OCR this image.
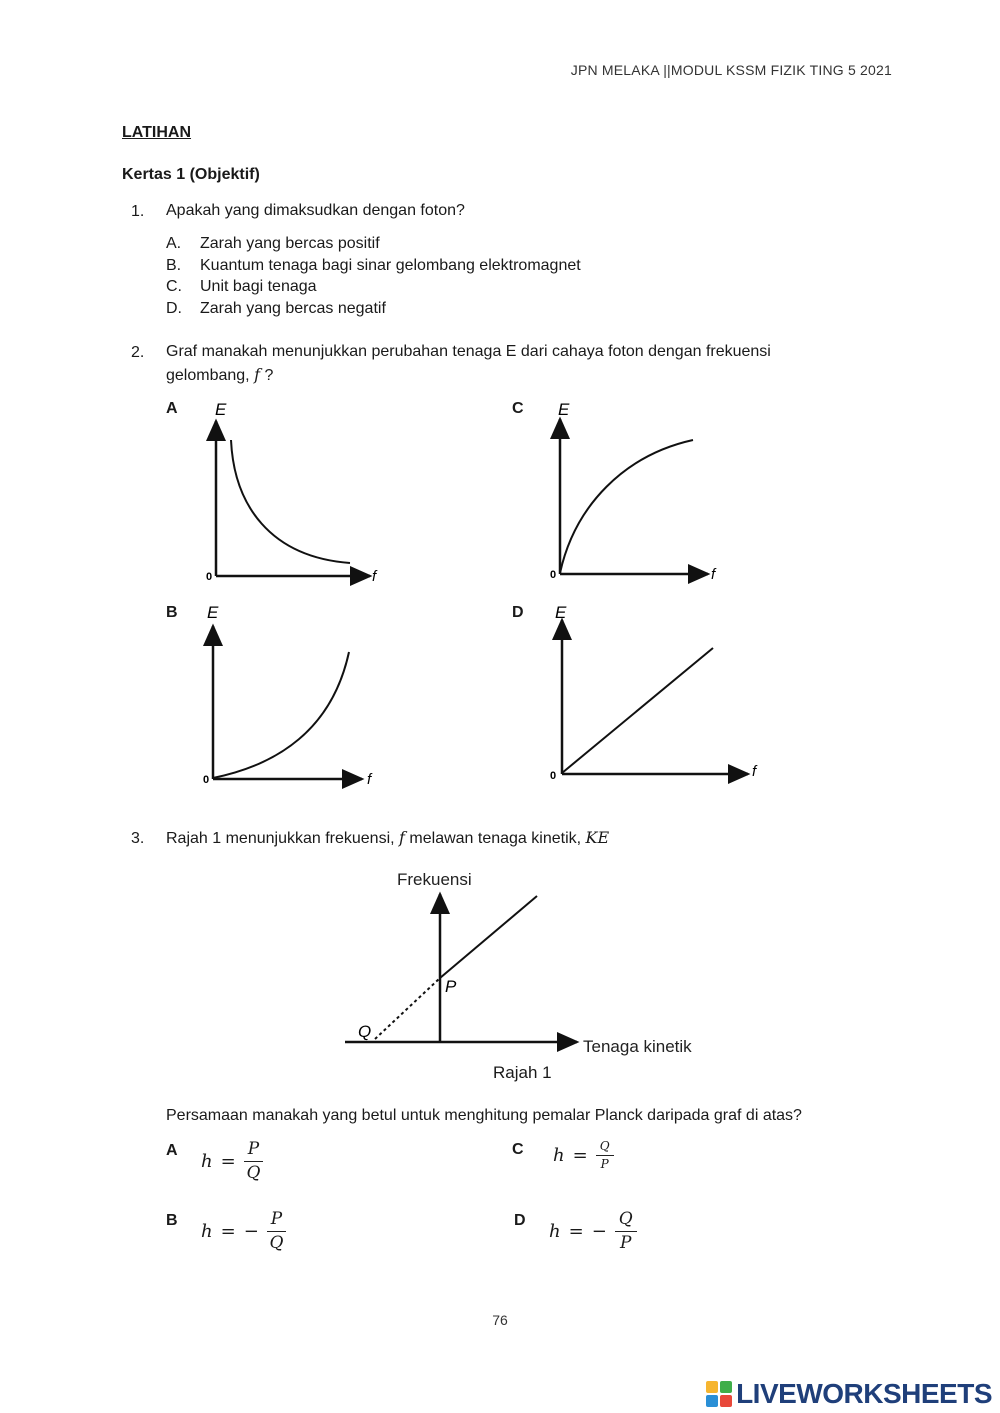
JPN MELAKA ||MODUL KSSM FIZIK TING 5 2021
LATIHAN
Kertas 1 (Objektif)
1. Apakah yang dimaksudkan dengan foton?
A. Zarah yang bercas positif
B. Kuantum tenaga bagi sinar gelombang elektromagnet
C. Unit bagi tenaga
D. Zarah yang bercas negatif
2. Graf manakah menunjukkan perubahan tenaga E dari cahaya foton dengan frekuensi
gelombang, f ?
A E
0	f
C E
0	f
B E
0	f
D E
0	f
3. Rajah 1 menunjukkan frekuensi, f melawan tenaga kinetik, KE
Frekuensi
Tenaga kinetik
P
Q
Rajah 1
Persamaan manakah yang betul untuk menghitung pemalar Planck daripada graf di atas?
A
$h = \frac{P}{Q}$	C $h = \frac{Q}{P}$
B
h = − $\frac{P}{Q}$	D
h = − $\frac{Q}{P}$
76
LIVEWORKSHEETS
